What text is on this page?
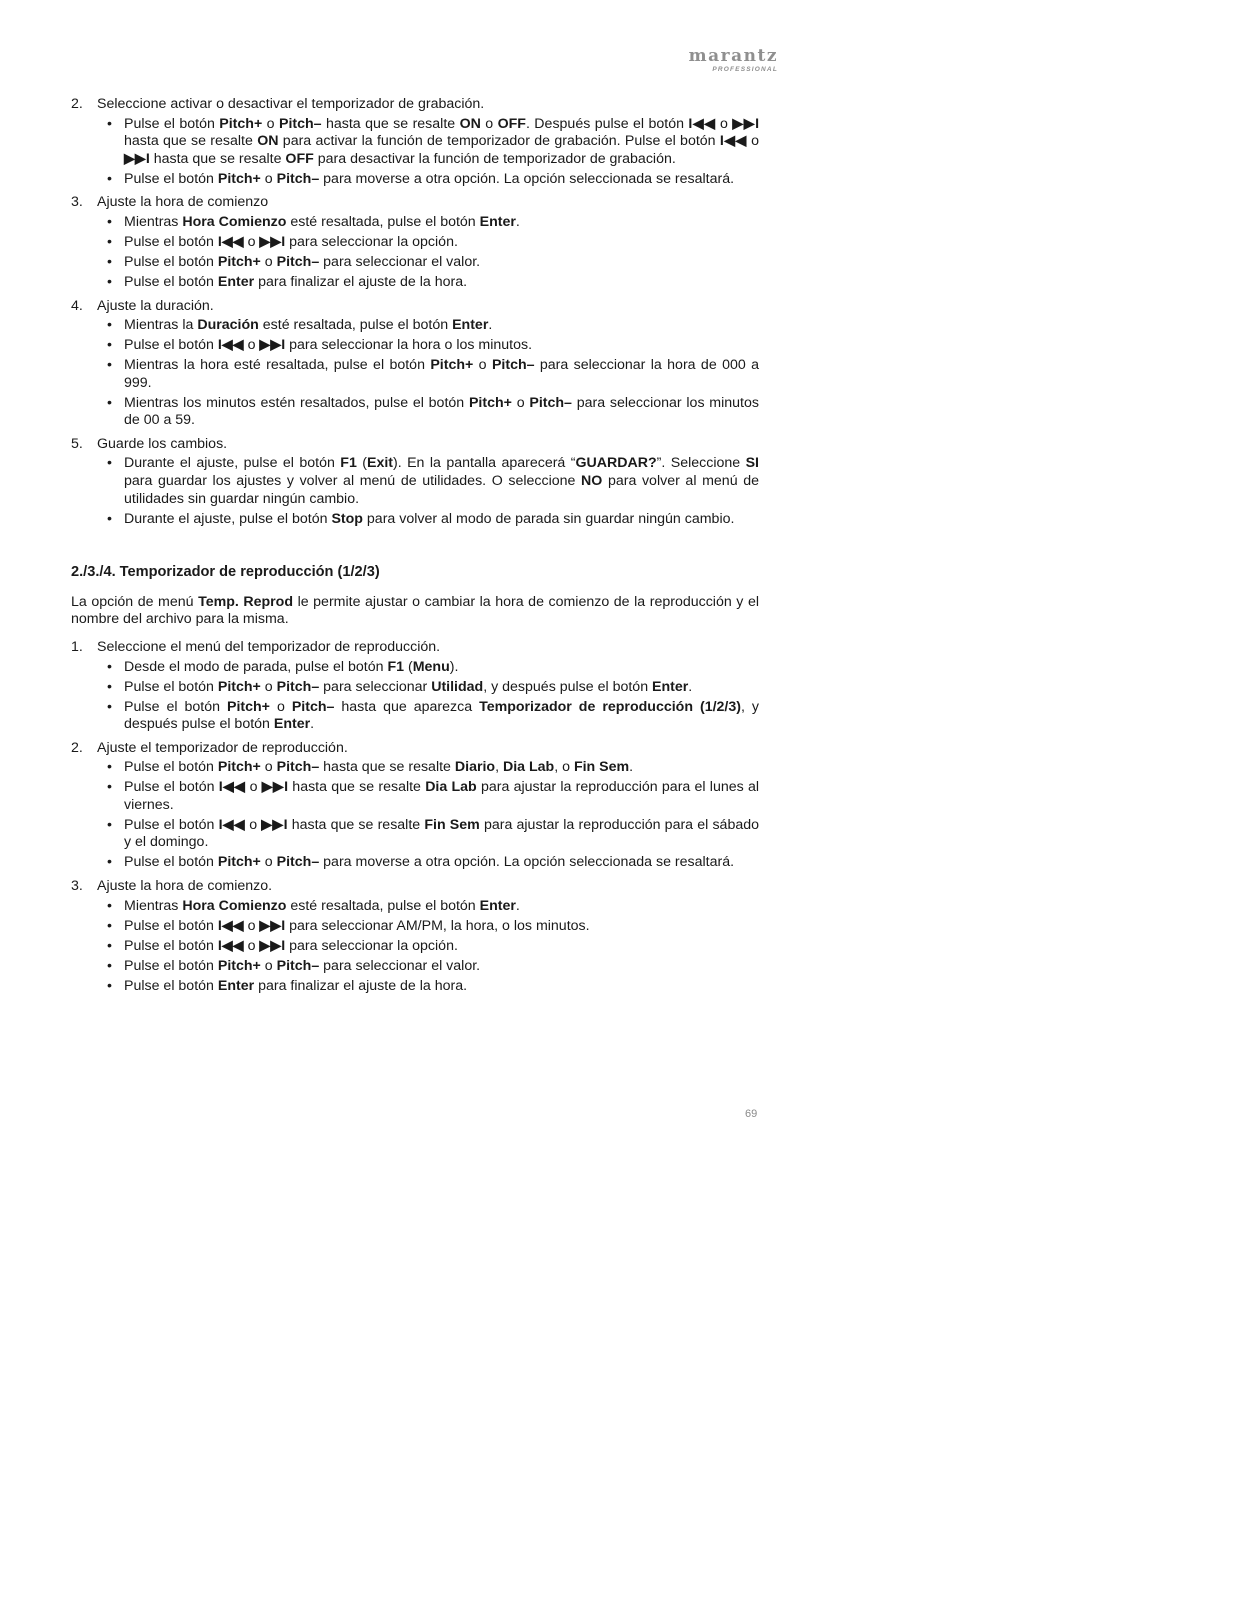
marantz
PROFESSIONAL
2. Seleccione activar o desactivar el temporizador de grabación.
• Pulse el botón Pitch+ o Pitch– hasta que se resalte ON o OFF. Después pulse el botón I◀◀ o ▶▶I hasta que se resalte ON para activar la función de temporizador de grabación. Pulse el botón I◀◀ o ▶▶I hasta que se resalte OFF para desactivar la función de temporizador de grabación.
• Pulse el botón Pitch+ o Pitch– para moverse a otra opción. La opción seleccionada se resaltará.
3. Ajuste la hora de comienzo
• Mientras Hora Comienzo esté resaltada, pulse el botón Enter.
• Pulse el botón I◀◀ o ▶▶I para seleccionar la opción.
• Pulse el botón Pitch+ o Pitch– para seleccionar el valor.
• Pulse el botón Enter para finalizar el ajuste de la hora.
4. Ajuste la duración.
• Mientras la Duración esté resaltada, pulse el botón Enter.
• Pulse el botón I◀◀ o ▶▶I para seleccionar la hora o los minutos.
• Mientras la hora esté resaltada, pulse el botón Pitch+ o Pitch– para seleccionar la hora de 000 a 999.
• Mientras los minutos estén resaltados, pulse el botón Pitch+ o Pitch– para seleccionar los minutos de 00 a 59.
5. Guarde los cambios.
• Durante el ajuste, pulse el botón F1 (Exit). En la pantalla aparecerá “GUARDAR?”. Seleccione SI para guardar los ajustes y volver al menú de utilidades. O seleccione NO para volver al menú de utilidades sin guardar ningún cambio.
• Durante el ajuste, pulse el botón Stop para volver al modo de parada sin guardar ningún cambio.
2./3./4. Temporizador de reproducción (1/2/3)
La opción de menú Temp. Reprod le permite ajustar o cambiar la hora de comienzo de la reproducción y el nombre del archivo para la misma.
1. Seleccione el menú del temporizador de reproducción.
• Desde el modo de parada, pulse el botón F1 (Menu).
• Pulse el botón Pitch+ o Pitch– para seleccionar Utilidad, y después pulse el botón Enter.
• Pulse el botón Pitch+ o Pitch– hasta que aparezca Temporizador de reproducción (1/2/3), y después pulse el botón Enter.
2. Ajuste el temporizador de reproducción.
• Pulse el botón Pitch+ o Pitch– hasta que se resalte Diario, Dia Lab, o Fin Sem.
• Pulse el botón I◀◀ o ▶▶I hasta que se resalte Dia Lab para ajustar la reproducción para el lunes al viernes.
• Pulse el botón I◀◀ o ▶▶I hasta que se resalte Fin Sem para ajustar la reproducción para el sábado y el domingo.
• Pulse el botón Pitch+ o Pitch– para moverse a otra opción. La opción seleccionada se resaltará.
3. Ajuste la hora de comienzo.
• Mientras Hora Comienzo esté resaltada, pulse el botón Enter.
• Pulse el botón I◀◀ o ▶▶I para seleccionar AM/PM, la hora, o los minutos.
• Pulse el botón I◀◀ o ▶▶I para seleccionar la opción.
• Pulse el botón Pitch+ o Pitch– para seleccionar el valor.
• Pulse el botón Enter para finalizar el ajuste de la hora.
69
